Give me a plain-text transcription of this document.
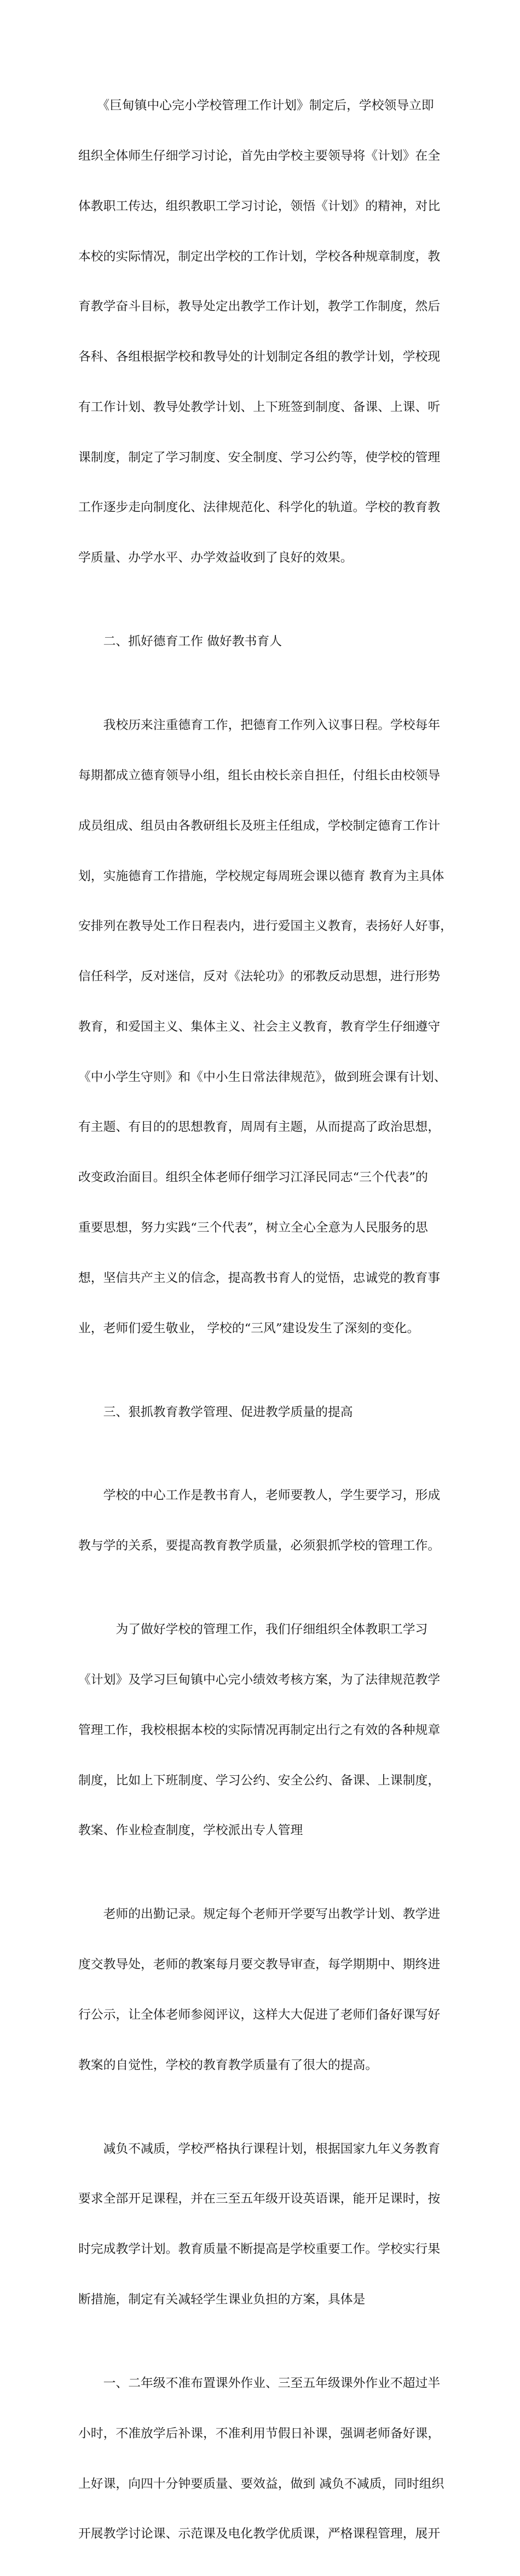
　　《巨甸镇中心完小学校管理工作计划》制定后，学校领导立即

组织全体师生仔细学习讨论，首先由学校主要领导将《计划》在全

体教职工传达，组织教职工学习讨论，领悟《计划》的精神，对比

本校的实际情况，制定出学校的工作计划，学校各种规章制度，教

育教学奋斗目标，教导处定出教学工作计划，教学工作制度，然后

各科、各组根据学校和教导处的计划制定各组的教学计划，学校现

有工作计划、教导处教学计划、上下班签到制度、备课、上课、听

课制度，制定了学习制度、安全制度、学习公约等，使学校的管理

工作逐步走向制度化、法律规范化、科学化的轨道。学校的教育教

学质量、办学水平、办学效益收到了良好的效果。

　　二、抓好德育工作 做好教书育人

　　我校历来注重德育工作，把德育工作列入议事日程。学校每年

每期都成立德育领导小组，组长由校长亲自担任，付组长由校领导

成员组成、组员由各教研组长及班主任组成，学校制定德育工作计

划，实施德育工作措施，学校规定每周班会课以德育 教育为主具体

安排列在教导处工作日程表内，进行爱国主义教育，表扬好人好事，

信任科学，反对迷信，反对《法轮功》的邪教反动思想，进行形势

教育，和爱国主义、集体主义、社会主义教育，教育学生仔细遵守

《中小学生守则》和《中小生日常法律规范》，做到班会课有计划、

有主题、有目的的思想教育，周周有主题，从而提高了政治思想，

改变政治面目。组织全体老师仔细学习江泽民同志“三个代表”的

重要思想，努力实践“三个代表”，树立全心全意为人民服务的思

想，坚信共产主义的信念，提高教书育人的觉悟，忠诚党的教育事

业，老师们爱生敬业， 学校的“三风”建设发生了深刻的变化。

　　三、狠抓教育教学管理、促进教学质量的提高

　　学校的中心工作是教书育人，老师要教人，学生要学习，形成

教与学的关系，要提高教育教学质量，必须狠抓学校的管理工作。

　　　为了做好学校的管理工作，我们仔细组织全体教职工学习

《计划》及学习巨甸镇中心完小绩效考核方案，为了法律规范教学

管理工作，我校根据本校的实际情况再制定出行之有效的各种规章

制度，比如上下班制度、学习公约、安全公约、备课、上课制度，

教案、作业检查制度，学校派出专人管理

　　老师的出勤记录。规定每个老师开学要写出教学计划、教学进

度交教导处，老师的教案每月要交教导审查，每学期期中、期终进

行公示，让全体老师参阅评议，这样大大促进了老师们备好课写好

教案的自觉性，学校的教育教学质量有了很大的提高。

　　减负不减质，学校严格执行课程计划，根据国家九年义务教育

要求全部开足课程，并在三至五年级开设英语课，能开足课时，按

时完成教学计划。教育质量不断提高是学校重要工作。学校实行果

断措施，制定有关减轻学生课业负担的方案，具体是

　　一、二年级不准布置课外作业、三至五年级课外作业不超过半

小时，不准放学后补课，不准利用节假日补课，强调老师备好课，

上好课，向四十分钟要质量、要效益，做到 减负不减质，同时组织

开展教学讨论课、示范课及电化教学优质课，严格课程管理，展开
